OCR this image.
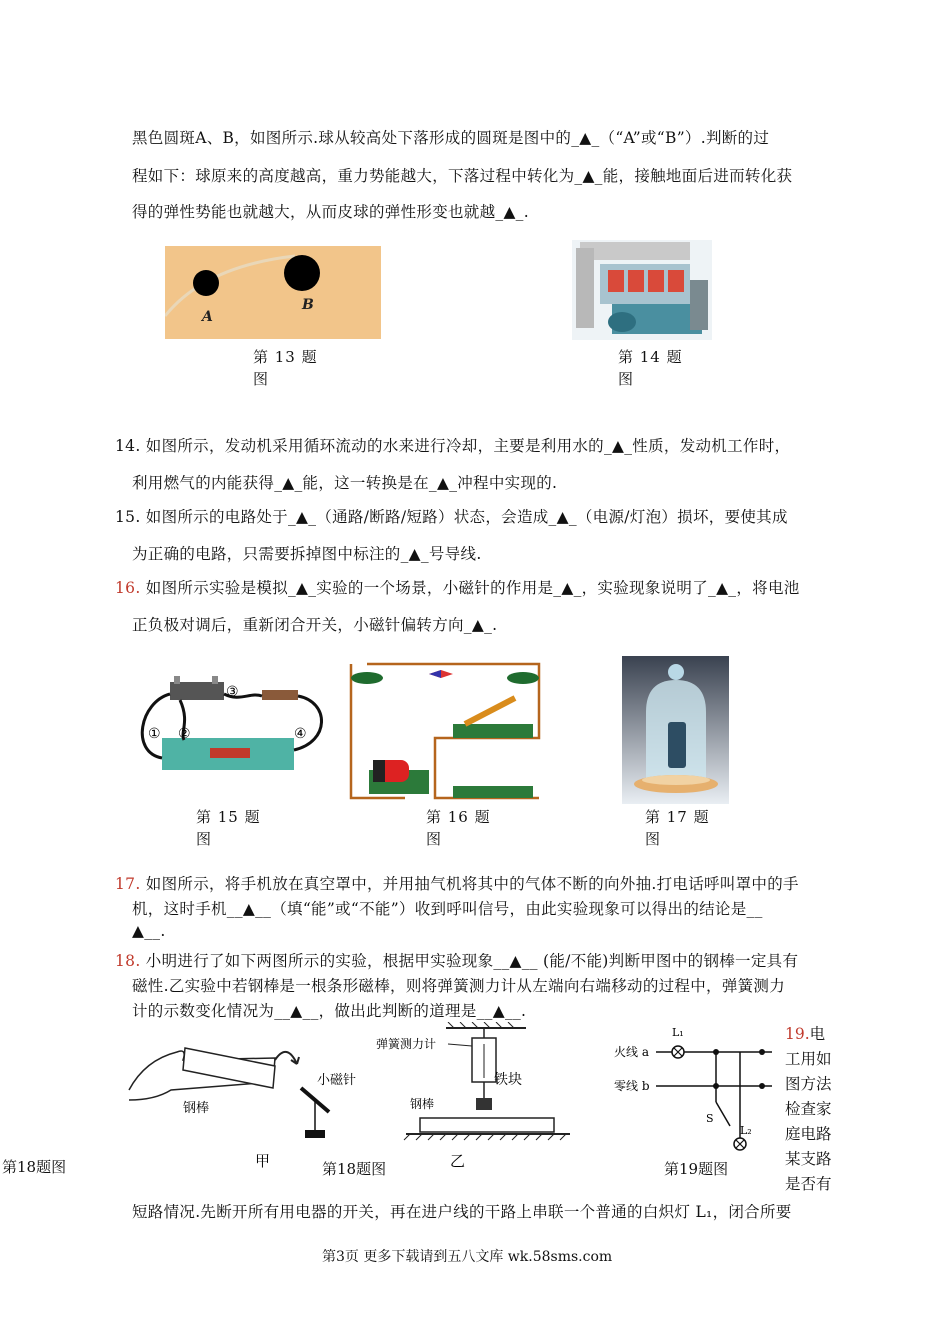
黑色圆斑A、B，如图所示.球从较高处下落形成的圆斑是图中的_▲_（“A”或“B”）.判断的过
程如下：球原来的高度越高，重力势能越大，下落过程中转化为_▲_能，接触地面后进而转化获
得的弹性势能也就越大，从而皮球的弹性形变也就越_▲_.
A
B
第 13 题
图
第 14 题
图
14. 如图所示，发动机采用循环流动的水来进行冷却，主要是利用水的_▲_性质，发动机工作时，
利用燃气的内能获得_▲_能，这一转换是在_▲_冲程中实现的.
15. 如图所示的电路处于_▲_（通路/断路/短路）状态，会造成_▲_（电源/灯泡）损坏，要使其成
为正确的电路，只需要拆掉图中标注的_▲_号导线.
16. 如图所示实验是模拟_▲_实验的一个场景，小磁针的作用是_▲_，实验现象说明了_▲_，将电池
正负极对调后，重新闭合开关，小磁针偏转方向_▲_.
① ②
③
④
第 15 题
图
第 16 题
图
第 17 题
图
17. 如图所示，将手机放在真空罩中，并用抽气机将其中的气体不断的向外抽.打电话呼叫罩中的手
机，这时手机__▲__（填“能”或“不能”）收到呼叫信号，由此实验现象可以得出的结论是__
▲__.
18. 小明进行了如下两图所示的实验，根据甲实验现象__▲__ (能/不能)判断甲图中的钢棒一定具有
磁性.乙实验中若钢棒是一根条形磁棒，则将弹簧测力计从左端向右端移动的过程中，弹簧测力
计的示数变化情况为__▲__，做出此判断的道理是__▲__.
钢棒
小磁针
甲
第18题图
弹簧测力计
铁块
钢棒
乙
第18题图
火线 a
零线 b
L₁
S
L₂
第19题图
19.电
工用如
图方法
检查家
庭电路
某支路
是否有
短路情况.先断开所有用电器的开关，再在进户线的干路上串联一个普通的白炽灯 L₁，闭合所要
第3页 更多下载请到五八文库 wk.58sms.com
